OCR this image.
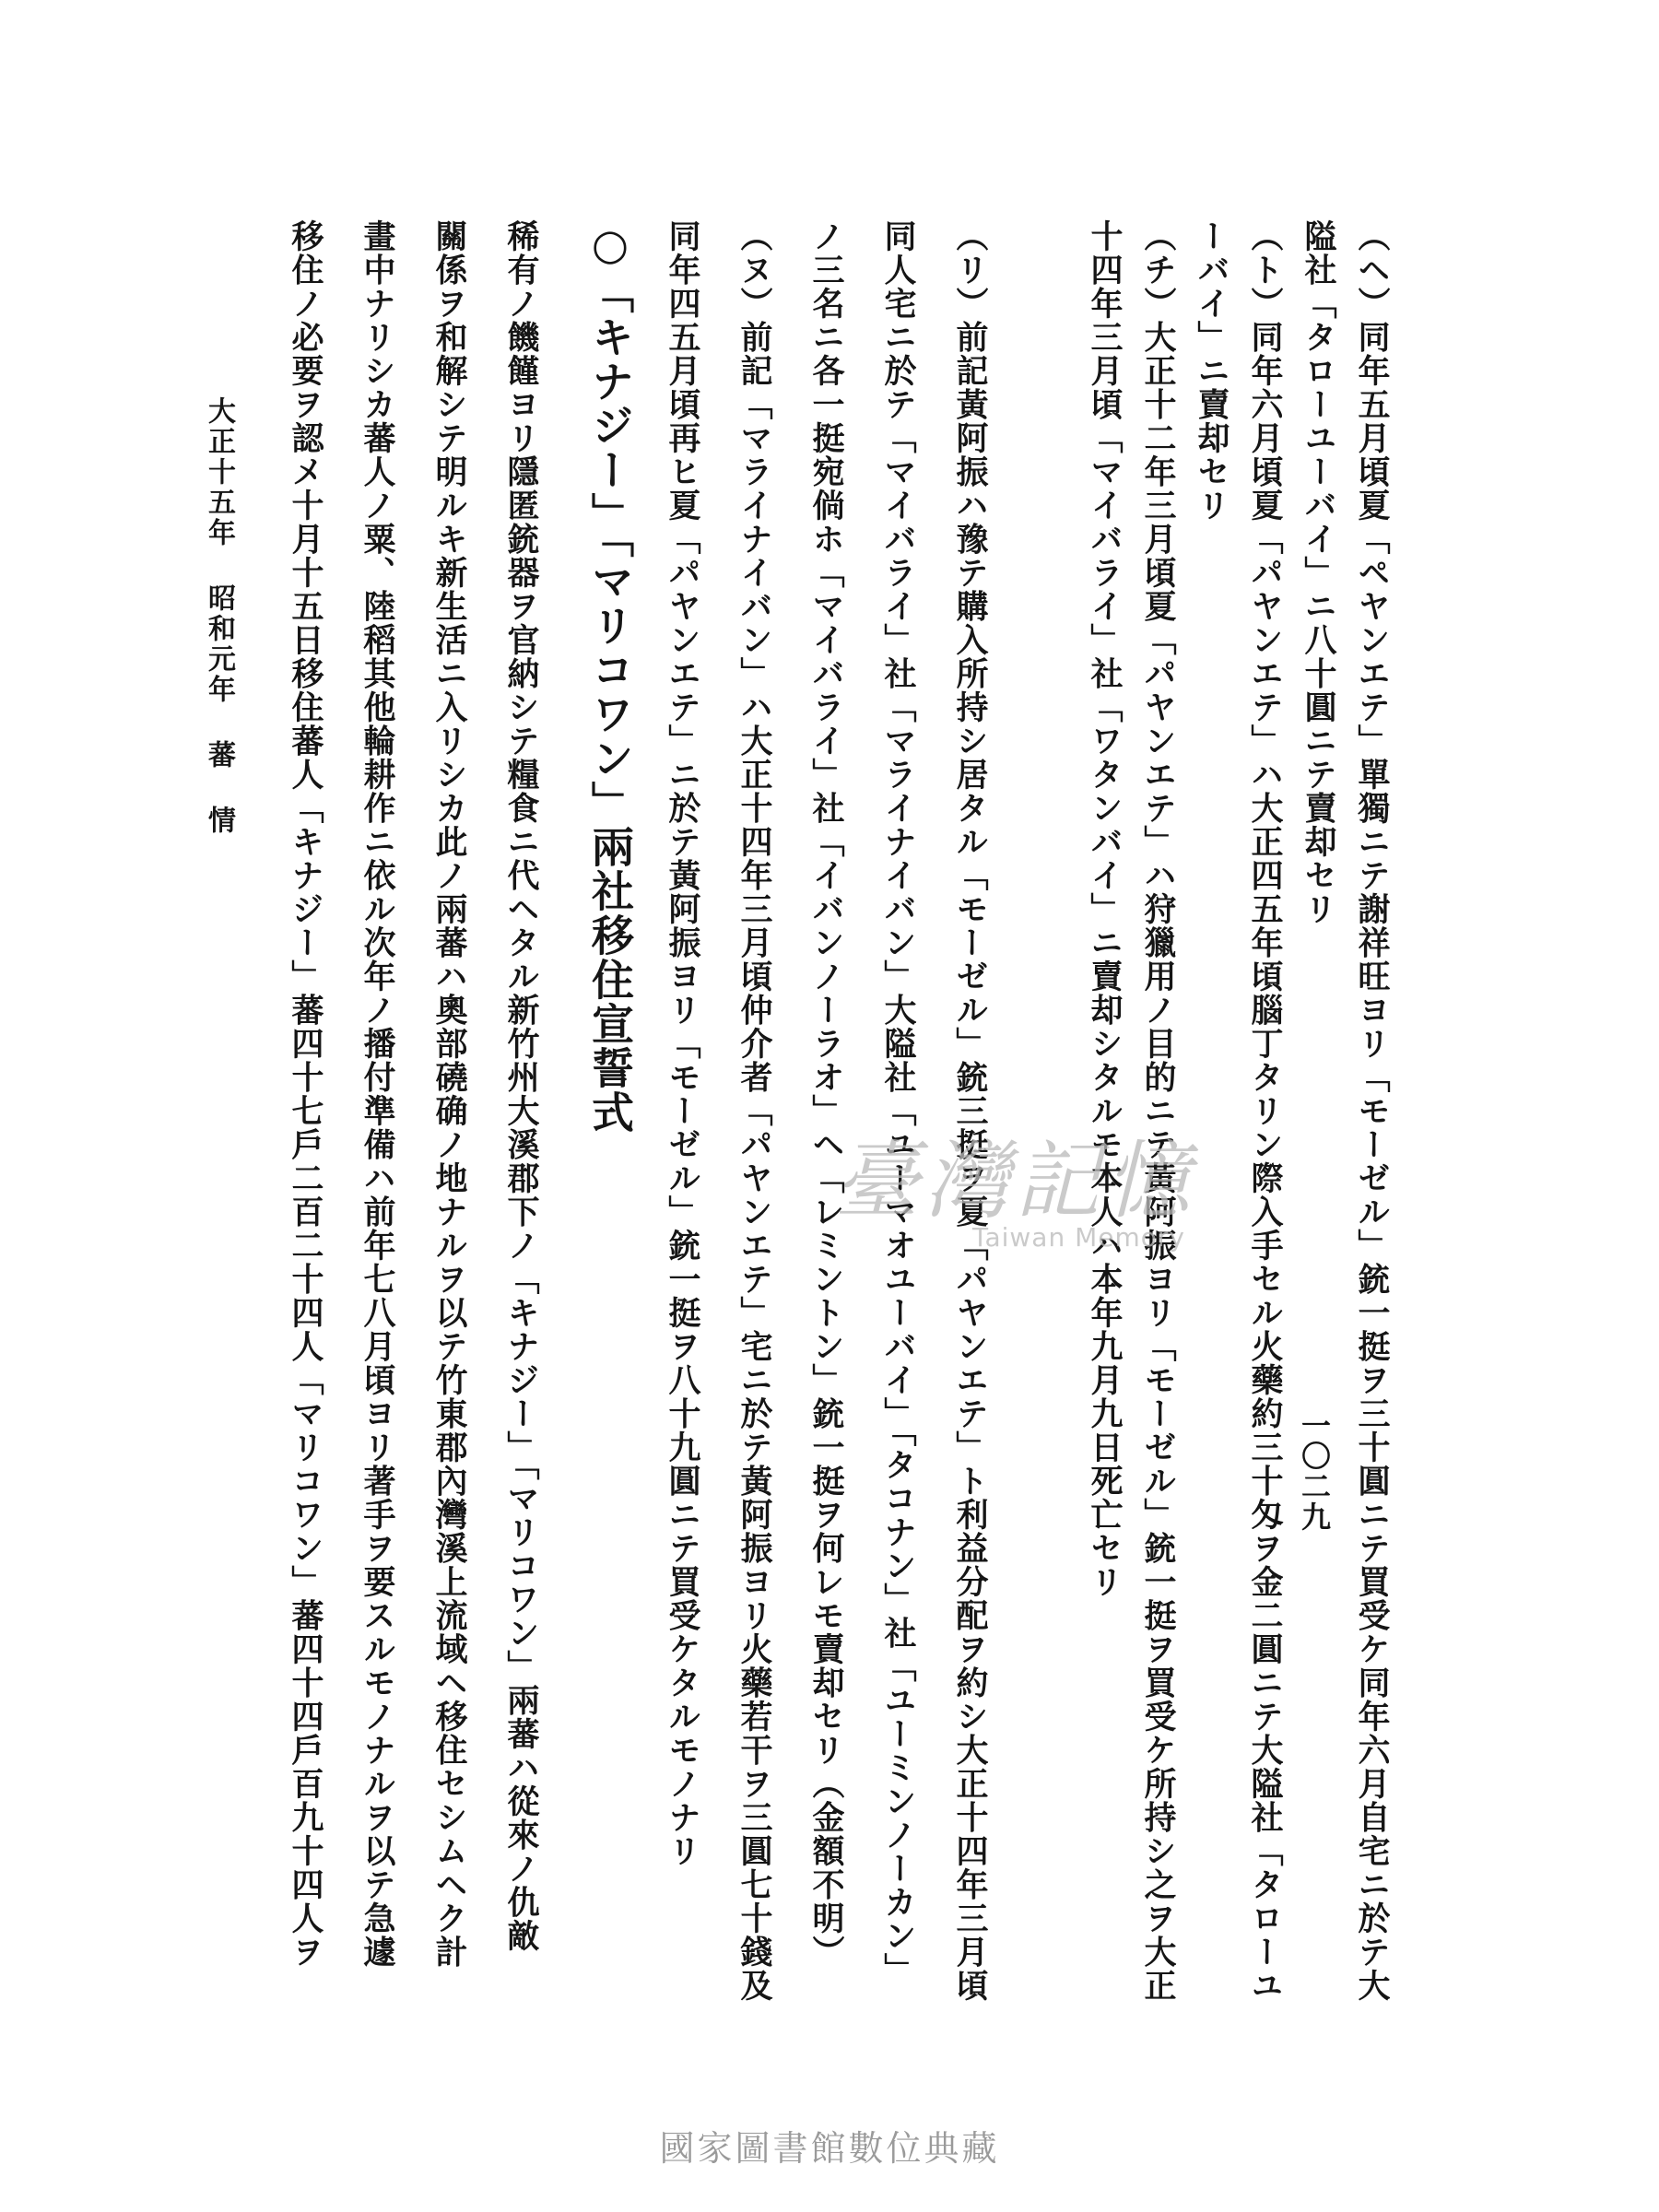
（ヘ）同年五月頃夏「ペヤンエテ」單獨ニテ謝祥旺ヨリ「モーゼル」銃一挺ヲ三十圓ニテ買受ケ同年六月自宅ニ於テ大
隘社「タローユーバイ」ニ八十圓ニテ賣却セリ
（ト）同年六月頃夏「パヤンエテ」ハ大正四五年頃腦丁タリン際入手セル火藥約三十匁ヲ金二圓ニテ大隘社「タローユ
ーバイ」ニ賣却セリ
（チ）大正十二年三月頃夏「パヤンエテ」ハ狩獵用ノ目的ニテ黃阿振ヨリ「モーゼル」銃一挺ヲ買受ケ所持シ之ヲ大正
十四年三月頃「マイバライ」社「ワタンバイ」ニ賣却シタルモ本人ハ本年九月九日死亡セリ
（リ）前記黃阿振ハ豫テ購入所持シ居タル「モーゼル」銃三挺ヲ夏「パヤンエテ」ト利益分配ヲ約シ大正十四年三月頃
同人宅ニ於テ「マイバライ」社「マライナイバン」大隘社「ユーマオユーバイ」「タコナン」社「ユーミンノーカン」
ノ三名ニ各一挺宛倘ホ「マイバライ」社「イバンノーラオ」ヘ「レミントン」銃一挺ヲ何レモ賣却セリ（金額不明）
（ヌ）前記「マライナイバン」ハ大正十四年三月頃仲介者「パヤンエテ」宅ニ於テ黃阿振ヨリ火藥若干ヲ三圓七十錢及
同年四五月頃再ヒ夏「パヤンエテ」ニ於テ黃阿振ヨリ「モーゼル」銃一挺ヲ八十九圓ニテ買受ケタルモノナリ
○「キナジー」「マリコワン」兩社移住宣誓式
稀有ノ饑饉ヨリ隱匿銃器ヲ官納シテ糧食ニ代ヘタル新竹州大溪郡下ノ「キナジー」「マリコワン」兩蕃ハ從來ノ仇敵
關係ヲ和解シテ明ルキ新生活ニ入リシカ此ノ兩蕃ハ奧部磽确ノ地ナルヲ以テ竹東郡內灣溪上流域ヘ移住セシムヘク計
畫中ナリシカ蕃人ノ粟、陸稻其他輪耕作ニ依ル次年ノ播付準備ハ前年七八月頃ヨリ著手ヲ要スルモノナルヲ以テ急遽
移住ノ必要ヲ認メ十月十五日移住蕃人「キナジー」蕃四十七戶二百二十四人「マリコワン」蕃四十四戶百九十四人ヲ
大正十五年 昭和元年 蕃 情
一〇二九
臺灣記憶
Taiwan Memory
國家圖書館數位典藏
